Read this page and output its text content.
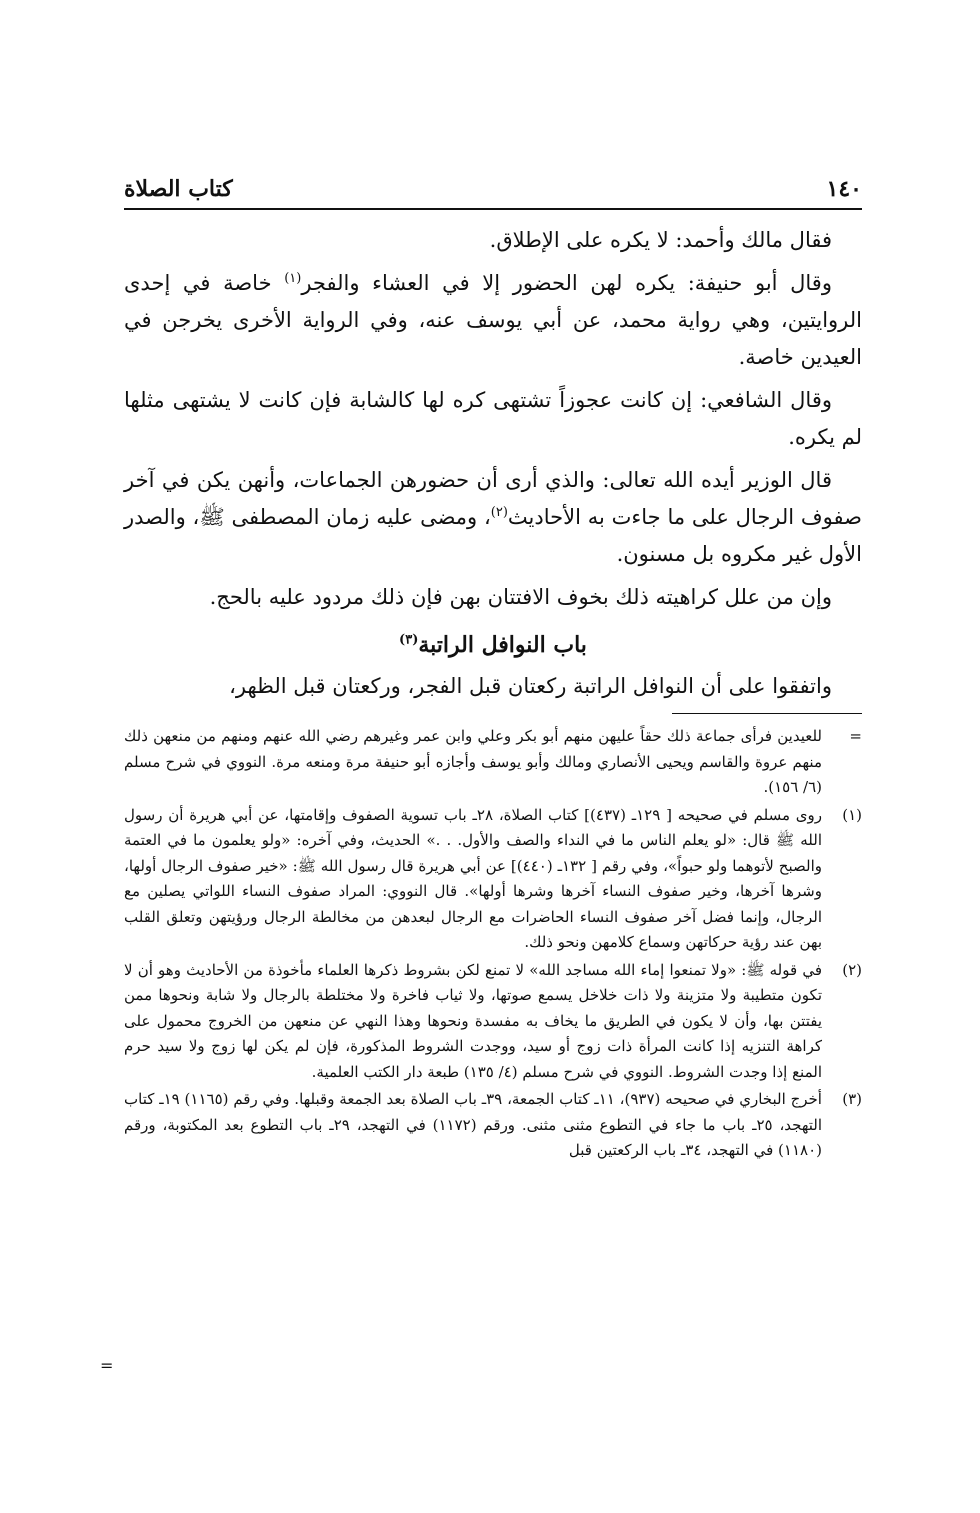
١٤٠
كتاب الصلاة

فقال مالك وأحمد: لا يكره على الإطلاق.

وقال أبو حنيفة: يكره لهن الحضور إلا في العشاء والفجر$^{(١)}$ خاصة في إحدى الروايتين، وهي رواية محمد، عن أبي يوسف عنه، وفي الرواية الأخرى يخرجن في العيدين خاصة.

وقال الشافعي: إن كانت عجوزاً تشتهى كره لها كالشابة فإن كانت لا يشتهى مثلها لم يكره.

قال الوزير أيده الله تعالى: والذي أرى أن حضورهن الجماعات، وأنهن يكن في آخر صفوف الرجال على ما جاءت به الأحاديث$^{(٢)}$، ومضى عليه زمان المصطفى ﷺ، والصدر الأول غير مكروه بل مسنون.

وإن من علل كراهيته ذلك بخوف الافتتان بهن فإن ذلك مردود عليه بالحج.

باب النوافل الراتبة$^{(٣)}$

واتفقوا على أن النوافل الراتبة ركعتان قبل الفجر، وركعتان قبل الظهر،

=
للعيدين فرأى جماعة ذلك حقاً عليهن منهم أبو بكر وعلي وابن عمر وغيرهم رضي الله عنهم ومنهم من منعهن ذلك منهم عروة والقاسم ويحيى الأنصاري ومالك وأبو يوسف وأجازه أبو حنيفة مرة ومنعه مرة. النووي في شرح مسلم (٦/ ١٥٦).
(١)
روى مسلم في صحيحه [ ١٢٩ـ (٤٣٧)] كتاب الصلاة، ٢٨ـ باب تسوية الصفوف وإقامتها، عن أبي هريرة أن رسول الله ﷺ قال: «لو يعلم الناس ما في النداء والصف والأول. . .» الحديث، وفي آخره: «ولو يعلمون ما في العتمة والصبح لأتوهما ولو حبواً»، وفي رقم [ ١٣٢ـ (٤٤٠)] عن أبي هريرة قال رسول الله ﷺ: «خير صفوف الرجال أولها، وشرها آخرها، وخير صفوف النساء آخرها وشرها أولها». قال النووي: المراد صفوف النساء اللواتي يصلين مع الرجال، وإنما فضل آخر صفوف النساء الحاضرات مع الرجال لبعدهن من مخالطة الرجال ورؤيتهن وتعلق القلب بهن عند رؤية حركاتهن وسماع كلامهن ونحو ذلك.
(٢)
في قوله ﷺ: «ولا تمنعوا إماء الله مساجد الله» لا تمنع لكن بشروط ذكرها العلماء مأخوذة من الأحاديث وهو أن لا تكون متطيبة ولا متزينة ولا ذات خلاخل يسمع صوتها، ولا ثياب فاخرة ولا مختلطة بالرجال ولا شابة ونحوها ممن يفتتن بها، وأن لا يكون في الطريق ما يخاف به مفسدة ونحوها وهذا النهي عن منعهن من الخروج محمول على كراهة التنزيه إذا كانت المرأة ذات زوج أو سيد، ووجدت الشروط المذكورة، فإن لم يكن لها زوج ولا سيد حرم المنع إذا وجدت الشروط. النووي في شرح مسلم (٤/ ١٣٥) طبعة دار الكتب العلمية.
(٣)
أخرج البخاري في صحيحه (٩٣٧)، ١١ـ كتاب الجمعة، ٣٩ـ باب الصلاة بعد الجمعة وقبلها. وفي رقم (١١٦٥) ١٩ـ كتاب التهجد، ٢٥ـ باب ما جاء في التطوع مثنى مثنى. ورقم (١١٧٢) في التهجد، ٢٩ـ باب التطوع بعد المكتوبة، ورقم (١١٨٠) في التهجد، ٣٤ـ باب الركعتين قبل
=
